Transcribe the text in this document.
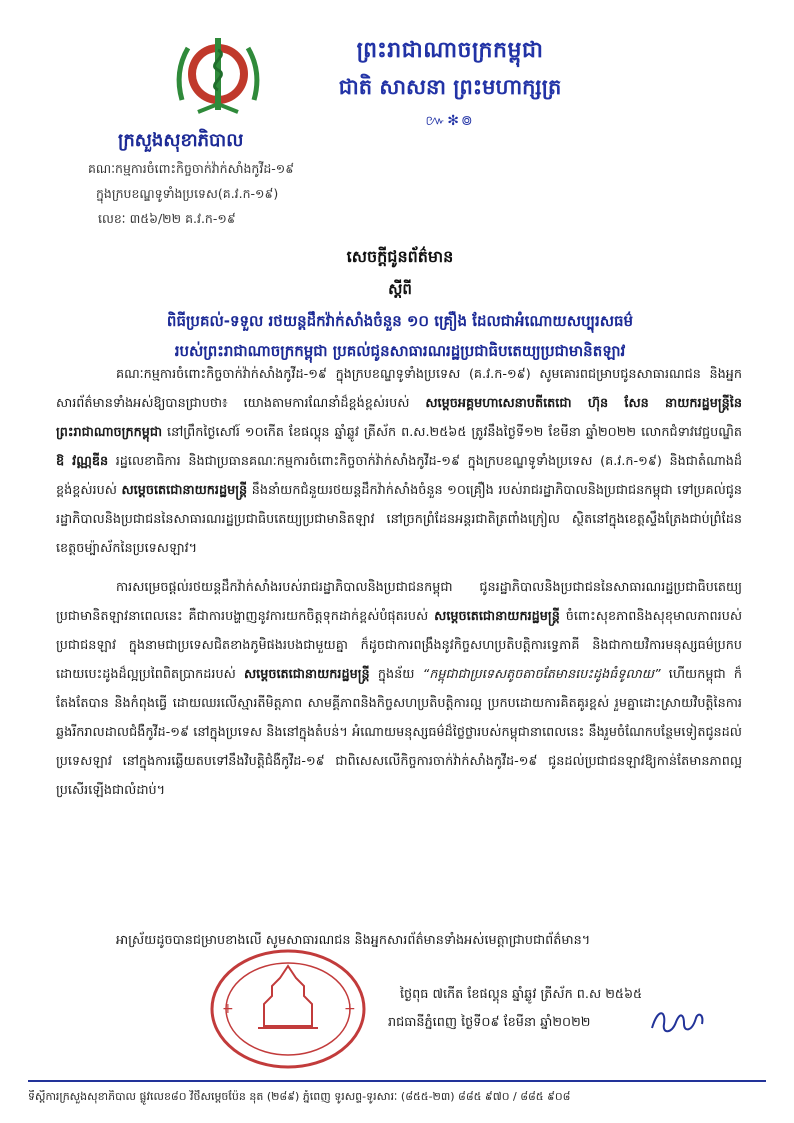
ព្រះរាជាណាចក្រកម្ពុជា
ជាតិ សាសនា ព្រះមហាក្សត្រ
៚✻៙
ក្រសួងសុខាភិបាល
គណៈកម្មការចំពោះកិច្ចចាក់វ៉ាក់សាំងកូវីដ-១៩
ក្នុងក្របខណ្ឌទូទាំងប្រទេស(គ.វ.ក-១៩)
លេខៈ ៣៥៦/២២ គ.វ.ក-១៩
សេចក្តីជូនព័ត៌មាន
ស្តីពី
ពិធីប្រគល់-ទទួល រថយន្តដឹកវ៉ាក់សាំងចំនួន ១០ គ្រឿង ដែលជាអំណោយសប្បុរសធម៌
របស់ព្រះរាជាណាចក្រកម្ពុជា ប្រគល់ជូនសាធារណរដ្ឋប្រជាធិបតេយ្យប្រជាមានិតឡាវ

គណៈកម្មការចំពោះកិច្ចចាក់វ៉ាក់សាំងកូវីដ-១៩ ក្នុងក្របខណ្ឌទូទាំងប្រទេស (គ.វ.ក-១៩) សូមគោរពជម្រាបជូនសាធារណជន និងអ្នកសារព័ត៌មានទាំងអស់ឱ្យបានជ្រាបថា៖ យោងតាមការណែនាំដ៏ខ្ពង់ខ្ពស់របស់ សម្តេចអគ្គមហាសេនាបតីតេជោ ហ៊ុន សែន នាយករដ្ឋមន្ត្រីនៃព្រះរាជាណាចក្រកម្ពុជា នៅព្រឹកថ្ងៃសៅរ៍ ១០កើត ខែផល្គុន ឆ្នាំឆ្លូវ ត្រីស័ក ព.ស.២៥៦៥ ត្រូវនឹងថ្ងៃទី១២ ខែមីនា ឆ្នាំ២០២២ លោកជំទាវវេជ្ជបណ្ឌិត ឱ វណ្ណឌីន រដ្ឋលេខាធិការ និងជាប្រធានគណៈកម្មការចំពោះកិច្ចចាក់វ៉ាក់សាំងកូវីដ-១៩ ក្នុងក្របខណ្ឌទូទាំងប្រទេស (គ.វ.ក-១៩) និងជាតំណាងដ៏ខ្ពង់ខ្ពស់របស់ សម្តេចតេជោនាយករដ្ឋមន្ត្រី នឹងនាំយកជំនួយរថយន្តដឹកវ៉ាក់សាំងចំនួន ១០គ្រឿង របស់រាជរដ្ឋាភិបាលនិងប្រជាជនកម្ពុជា ទៅប្រគល់ជូនរដ្ឋាភិបាលនិងប្រជាជននៃសាធារណរដ្ឋប្រជាធិបតេយ្យប្រជាមានិតឡាវ នៅច្រកព្រំដែនអន្តរជាតិត្រពាំងក្រៀល ស្ថិតនៅក្នុងខេត្តស្ទឹងត្រែងជាប់ព្រំដែនខេត្តចម្ប៉ាស័កនៃប្រទេសឡាវ។

ការសម្រេចផ្តល់រថយន្តដឹកវ៉ាក់សាំងរបស់រាជរដ្ឋាភិបាលនិងប្រជាជនកម្ពុជា ជូនរដ្ឋាភិបាលនិងប្រជាជននៃសាធារណរដ្ឋប្រជាធិបតេយ្យប្រជាមានិតឡាវនាពេលនេះ គឺជាការបង្ហាញនូវការយកចិត្តទុកដាក់ខ្ពស់បំផុតរបស់ សម្តេចតេជោនាយករដ្ឋមន្ត្រី ចំពោះសុខភាពនិងសុខុមាលភាពរបស់ប្រជាជនឡាវ ក្នុងនាមជាប្រទេសជិតខាងភូមិផងរបងជាមួយគ្នា ក៏ដូចជាការពង្រឹងនូវកិច្ចសហប្រតិបត្តិការទ្វេភាគី និងជាកាយវិការមនុស្សធម៌ប្រកបដោយបេះដូងដ៏ល្អប្រពៃពិតប្រាកដរបស់ សម្តេចតេជោនាយករដ្ឋមន្ត្រី ក្នុងន័យ “កម្ពុជាជាប្រទេសតូចតាចតែមានបេះដូងធំទូលាយ” ហើយកម្ពុជា ក៏តែងតែបាន និងកំពុងធ្វើ ដោយឈរលើស្មារតីមិត្តភាព សាមគ្គីភាពនិងកិច្ចសហប្រតិបត្តិការល្អ ប្រកបដោយការគិតគូរខ្ពស់ រួមគ្នាដោះស្រាយវិបត្តិនៃការឆ្លងរីករាលដាលជំងឺកូវីដ-១៩ នៅក្នុងប្រទេស និងនៅក្នុងតំបន់។ អំណោយមនុស្សធម៌ដ៏ថ្លៃថ្លារបស់កម្ពុជានាពេលនេះ នឹងរួមចំណែកបន្ថែមទៀតជូនដល់ប្រទេសឡាវ នៅក្នុងការឆ្លើយតបទៅនឹងវិបត្តិជំងឺកូវីដ-១៩ ជាពិសេសលើកិច្ចការចាក់វ៉ាក់សាំងកូវីដ-១៩ ជូនដល់ប្រជាជនឡាវឱ្យកាន់តែមានភាពល្អប្រសើរឡើងជាលំដាប់។

អាស្រ័យដូចបានជម្រាបខាងលើ សូមសាធារណជន និងអ្នកសារព័ត៌មានទាំងអស់មេត្តាជ្រាបជាព័ត៌មាន។
+	+
ថ្ងៃពុធ ៧កើត ខែផល្គុន ឆ្នាំឆ្លូវ ត្រីស័ក ព.ស ២៥៦៥
រាជធានីភ្នំពេញ ថ្ងៃទី០៩ ខែមីនា ឆ្នាំ២០២២
ទីស្តីការក្រសួងសុខាភិបាល ផ្លូវលេខ៨០ វិថីសម្តេចប៉ែន នុត (២៨៩) ភ្នំពេញ ទូរសព្ទ-ទូរសារៈ (៨៥៥-២៣) ៨៨៥ ៩៧០ / ៨៨៥ ៩០៨
